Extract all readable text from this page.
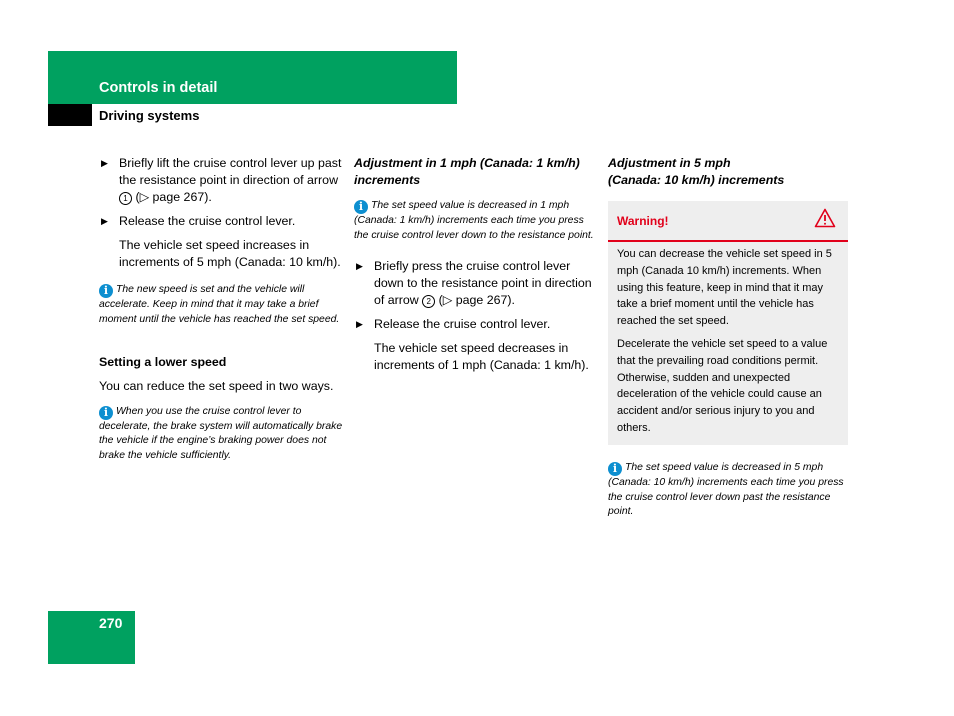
Controls in detail
Driving systems
▶ Briefly lift the cruise control lever up past the resistance point in direction of arrow 1 (▷ page 267).
▶ Release the cruise control lever.
The vehicle set speed increases in increments of 5 mph (Canada: 10 km/h).
i The new speed is set and the vehicle will accelerate. Keep in mind that it may take a brief moment until the vehicle has reached the set speed.
Setting a lower speed
You can reduce the set speed in two ways.
i When you use the cruise control lever to decelerate, the brake system will automatically brake the vehicle if the engine’s braking power does not brake the vehicle sufficiently.
Adjustment in 1 mph (Canada: 1 km/h) increments
i The set speed value is decreased in 1 mph (Canada: 1 km/h) increments each time you press the cruise control lever down to the resistance point.
▶ Briefly press the cruise control lever down to the resistance point in direction of arrow 2 (▷ page 267).
▶ Release the cruise control lever.
The vehicle set speed decreases in increments of 1 mph (Canada: 1 km/h).
Adjustment in 5 mph
(Canada: 10 km/h) increments
Warning!

You can decrease the vehicle set speed in 5 mph (Canada 10 km/h) increments. When using this feature, keep in mind that it may take a brief moment until the vehicle has reached the set speed.

Decelerate the vehicle set speed to a value that the prevailing road conditions permit. Otherwise, sudden and unexpected deceleration of the vehicle could cause an accident and/or serious injury to you and others.

i The set speed value is decreased in 5 mph (Canada: 10 km/h) increments each time you press the cruise control lever down past the resistance point.
270
